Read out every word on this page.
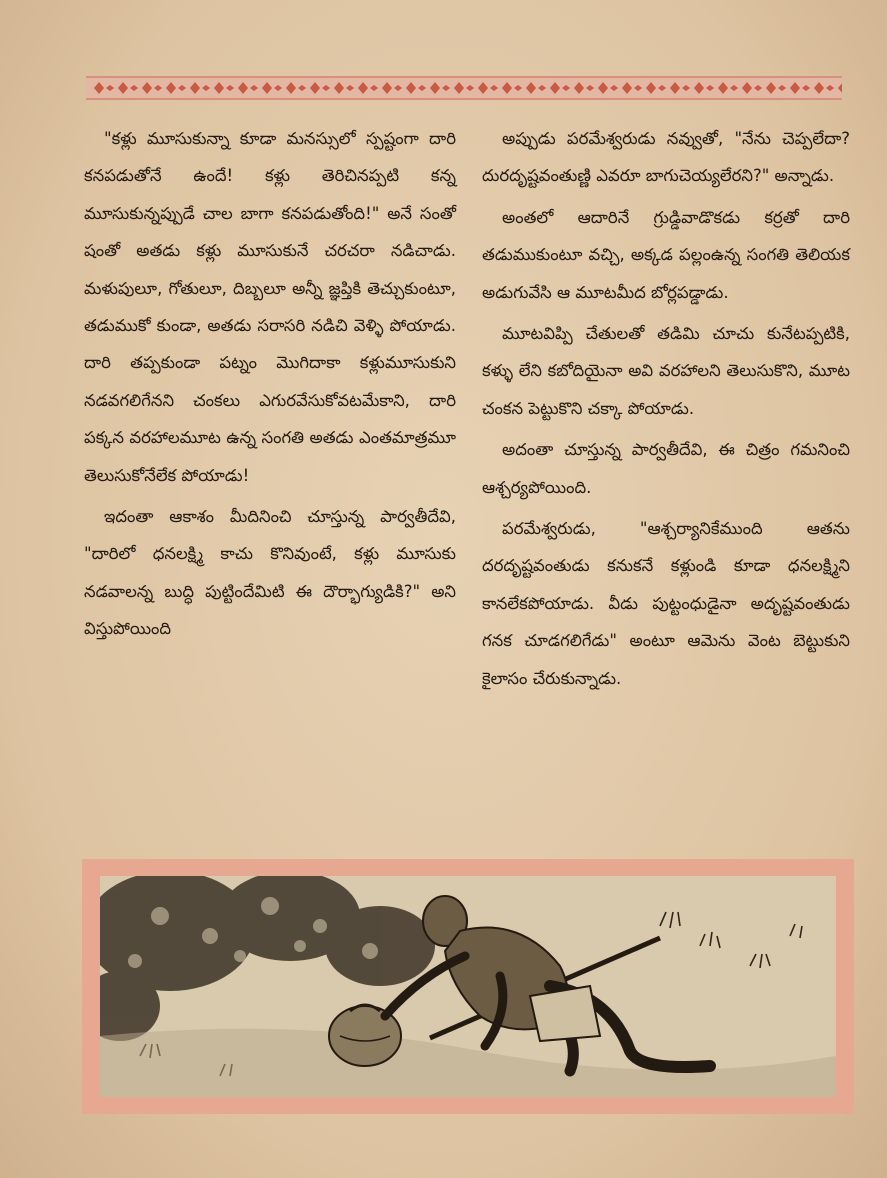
"కళ్లు మూసుకున్నా కూడా మనస్సులో స్పష్టంగా దారి కనపడుతోనే ఉందే! కళ్లు తెరిచినప్పటి కన్న మూసుకున్నప్పుడే చాల బాగా కనపడుతోంది!" అనే సంతో షంతో అతడు కళ్లు మూసుకునే చరచరా నడిచాడు. మళుపులూ, గోతులూ, దిబ్బలూ అన్నీ జ్ఞప్తికి తెచ్చుకుంటూ, తడుముకో కుండా, అతడు సరాసరి నడిచి వెళ్ళి పోయాడు. దారి తప్పకుండా పట్నం మొగిదాకా కళ్లుమూసుకుని నడవగలిగేనని చంకలు ఎగురవేసుకోవటమేకాని, దారి పక్కన వరహాలమూట ఉన్న సంగతి అతడు ఎంతమాత్రమూ తెలుసుకోనేలేక పోయాడు!

ఇదంతా ఆకాశం మీదినించి చూస్తున్న పార్వతీదేవి, "దారిలో ధనలక్ష్మి కాచు కొనివుంటే, కళ్లు మూసుకు నడవాలన్న బుద్ధి పుట్టిందేమిటి ఈ దౌర్భాగ్యుడికి?" అని విస్తుపోయింది

అప్పుడు పరమేశ్వరుడు నవ్వుతో, "నేను చెప్పలేదా? దురదృష్టవంతుణ్ణి ఎవరూ బాగుచెయ్యలేరని?" అన్నాడు.

అంతలో ఆదారినే గ్రుడ్డివాడొకడు కర్రతో దారి తడుముకుంటూ వచ్చి, అక్కడ పల్లంఉన్న సంగతి తెలియక అడుగువేసి ఆ మూటమీద బోర్లపడ్డాడు.

మూటవిప్పి చేతులతో తడిమి చూచు కునేటప్పటికి, కళ్ళు లేని కబోదియైనా అవి వరహాలని తెలుసుకొని, మూట చంకన పెట్టుకొని చక్కా పోయాడు.

అదంతా చూస్తున్న పార్వతీదేవి, ఈ చిత్రం గమనించి ఆశ్చర్యపోయింది.

పరమేశ్వరుడు, "ఆశ్చర్యానికేముంది ఆతను దరదృష్టవంతుడు కనుకనే కళ్లుండి కూడా ధనలక్ష్మిని కానలేకపోయాడు. వీడు పుట్టంధుడైనా అదృష్టవంతుడు గనక చూడగలిగేడు" అంటూ ఆమెను వెంట బెట్టుకుని కైలాసం చేరుకున్నాడు.
